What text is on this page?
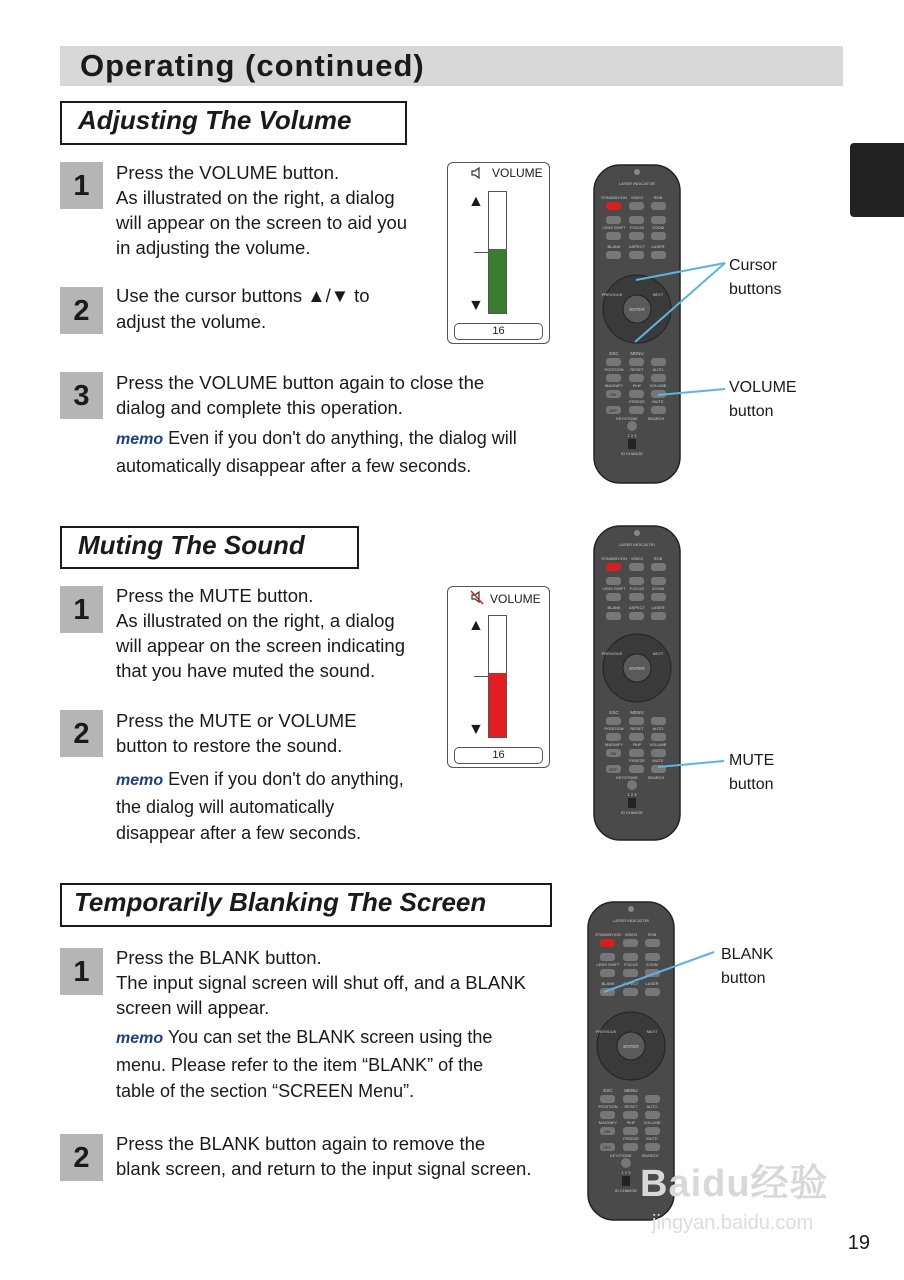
Operating (continued)
Adjusting The Volume
1	Press the VOLUME button.
As illustrated on the right, a dialog
will appear on the screen to aid you
in adjusting the volume.
2	Use the cursor buttons ▲/▼ to
adjust the volume.
3	Press the VOLUME button again to close the
dialog and complete this operation.
memo Even if you don't do anything, the dialog will
automatically disappear after a few seconds.
VOLUME
▲
▼
16
LASER INDICATOR
STANDBY/ON VIDEO	RGB
LENS SHIFT FOCUS ZOOM
BLANK ASPECT LASER
ENTER
PREVIOUS	NEXT
ESC	MENU
POSITION RESET AUTO
MAGNIFY PinP VOLUME
ON
FREEZE MUTE
OFF
KEYSTONE SEARCH
1 2 3
ID CHANGE
Cursor
buttons
VOLUME
button
Muting The Sound
1	Press the MUTE button.
As illustrated on the right, a dialog
will appear on the screen indicating
that you have muted the sound.
2	Press the MUTE or VOLUME
button to restore the sound.
memo Even if you don't do anything,
the dialog will automatically
disappear after a few seconds.
VOLUME
▲
▼
16
LASER INDICATOR
STANDBY/ON VIDEO	RGB
LENS SHIFT FOCUS ZOOM
BLANK ASPECT LASER
ENTER
PREVIOUS	NEXT
ESC	MENU
POSITION RESET AUTO
MAGNIFY PinP VOLUME
ON
FREEZE MUTE
OFF
KEYSTONE SEARCH
1 2 3
ID CHANGE
MUTE
button
Temporarily Blanking The Screen
1	Press the BLANK button.
The input signal screen will shut off, and a BLANK
screen will appear.
memo You can set the BLANK screen using the
menu. Please refer to the item “BLANK” of the
table of the section “SCREEN Menu”.
2	Press the BLANK button again to remove the
blank screen, and return to the input signal screen.
LASER INDICATOR
STANDBY/ON VIDEO	RGB
LENS SHIFT FOCUS ZOOM
BLANK ASPECT LASER
ENTER
PREVIOUS	NEXT
ESC	MENU
POSITION RESET AUTO
MAGNIFY PinP VOLUME
ON
FREEZE MUTE
OFF
KEYSTONE SEARCH
1 2 3
ID CHANGE
BLANK
button
Baidu经验
jingyan.baidu.com
19
